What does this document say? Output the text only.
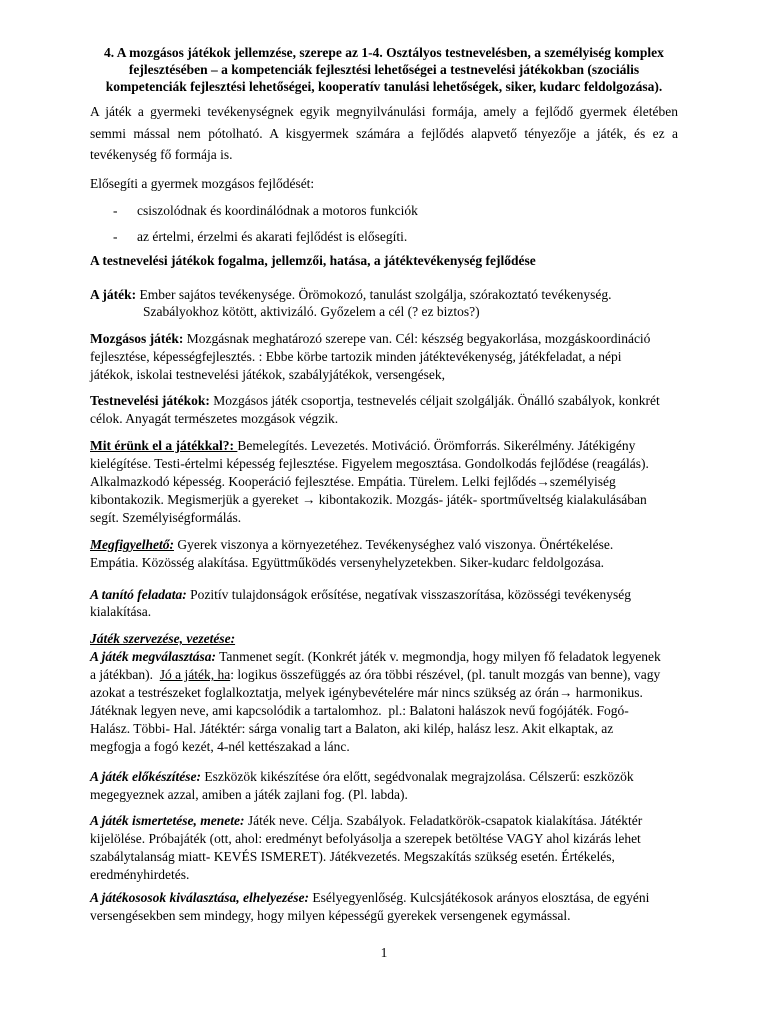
4. A mozgásos játékok jellemzése, szerepe az 1-4. Osztályos testnevelésben, a személyiség komplex
fejlesztésében – a kompetenciák fejlesztési lehetőségei a testnevelési játékokban (szociális
kompetenciák fejlesztési lehetőségei, kooperatív tanulási lehetőségek, siker, kudarc feldolgozása).
A játék a gyermeki tevékenységnek egyik megnyilvánulási formája, amely a fejlődő gyermek életében
semmi mással nem pótolható. A kisgyermek számára a fejlődés alapvető tényezője a játék, és ez a
tevékenység fő formája is.
Elősegíti a gyermek mozgásos fejlődését:
- csiszolódnak és koordinálódnak a motoros funkciók
- az értelmi, érzelmi és akarati fejlődést is elősegíti.
A testnevelési játékok fogalma, jellemzői, hatása, a játéktevékenység fejlődése
A játék: Ember sajátos tevékenysége. Örömokozó, tanulást szolgálja, szórakoztató tevékenység.
Szabályokhoz kötött, aktivizáló. Győzelem a cél (? ez biztos?)
Mozgásos játék: Mozgásnak meghatározó szerepe van. Cél: készség begyakorlása, mozgáskoordináció
fejlesztése, képességfejlesztés. : Ebbe körbe tartozik minden játéktevékenység, játékfeladat, a népi
játékok, iskolai testnevelési játékok, szabályjátékok, versengések,
Testnevelési játékok: Mozgásos játék csoportja, testnevelés céljait szolgálják. Önálló szabályok, konkrét
célok. Anyagát természetes mozgások végzik.
Mit érünk el a játékkal?: Bemelegítés. Levezetés. Motiváció. Örömforrás. Sikerélmény. Játékigény
kielégítése. Testi-értelmi képesség fejlesztése. Figyelem megosztása. Gondolkodás fejlődése (reagálás).
Alkalmazkodó képesség. Kooperáció fejlesztése. Empátia. Türelem. Lelki fejlődés→személyiség
kibontakozik. Megismerjük a gyereket → kibontakozik. Mozgás- játék- sportműveltség kialakulásában
segít. Személyiségformálás.
Megfigyelhető: Gyerek viszonya a környezetéhez. Tevékenységhez való viszonya. Önértékelése.
Empátia. Közösség alakítása. Együttműködés versenyhelyzetekben. Siker-kudarc feldolgozása.
A tanító feladata: Pozitív tulajdonságok erősítése, negatívak visszaszorítása, közösségi tevékenység
kialakítása.
Játék szervezése, vezetése:
A játék megválasztása: Tanmenet segít. (Konkrét játék v. megmondja, hogy milyen fő feladatok legyenek
a játékban).  Jó a játék, ha: logikus összefüggés az óra többi részével, (pl. tanult mozgás van benne), vagy
azokat a testrészeket foglalkoztatja, melyek igénybevételére már nincs szükség az órán→ harmonikus.
Játéknak legyen neve, ami kapcsolódik a tartalomhoz.  pl.: Balatoni halászok nevű fogójáték. Fogó-
Halász. Többi- Hal. Játéktér: sárga vonalig tart a Balaton, aki kilép, halász lesz. Akit elkaptak, az
megfogja a fogó kezét, 4-nél kettészakad a lánc.
A játék előkészítése: Eszközök kikészítése óra előtt, segédvonalak megrajzolása. Célszerű: eszközök
megegyeznek azzal, amiben a játék zajlani fog. (Pl. labda).
A játék ismertetése, menete: Játék neve. Célja. Szabályok. Feladatkörök-csapatok kialakítása. Játéktér
kijelölése. Próbajáték (ott, ahol: eredményt befolyásolja a szerepek betöltése VAGY ahol kizárás lehet
szabálytalanság miatt- KEVÉS ISMERET). Játékvezetés. Megszakítás szükség esetén. Értékelés,
eredményhirdetés.
A játékososok kiválasztása, elhelyezése: Esélyegyenlőség. Kulcsjátékosok arányos elosztása, de egyéni
versengésekben sem mindegy, hogy milyen képességű gyerekek versengenek egymással.
1
